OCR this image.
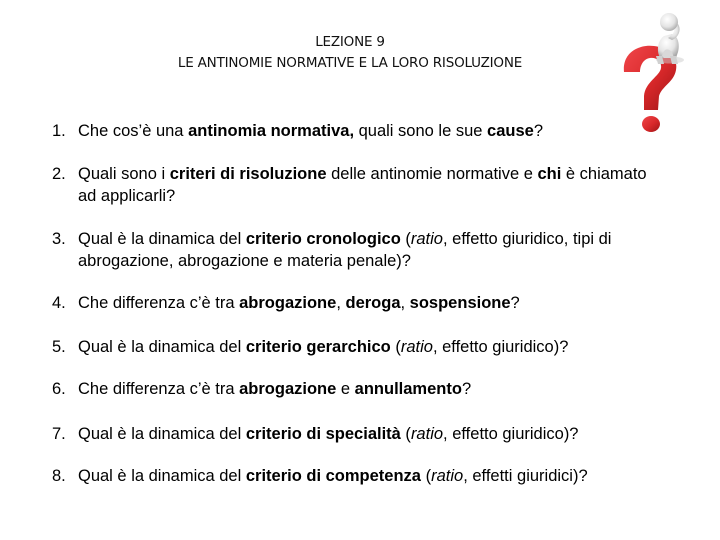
LEZIONE 9
LE ANTINOMIE NORMATIVE E LA LORO RISOLUZIONE
1. Che cos’è una antinomia normativa, quali sono le sue cause?
2. Quali sono i criteri di risoluzione delle antinomie normative e chi è chiamato ad applicarli?
3. Qual è la dinamica del criterio cronologico (ratio, effetto giuridico, tipi di abrogazione, abrogazione e materia penale)?
4. Che differenza c’è tra abrogazione, deroga, sospensione?
5. Qual è la dinamica del criterio gerarchico (ratio, effetto giuridico)?
6. Che differenza c’è tra abrogazione e annullamento?
7. Qual è la dinamica del criterio di specialità (ratio, effetto giuridico)?
8. Qual è la dinamica del criterio di competenza (ratio, effetti giuridici)?
